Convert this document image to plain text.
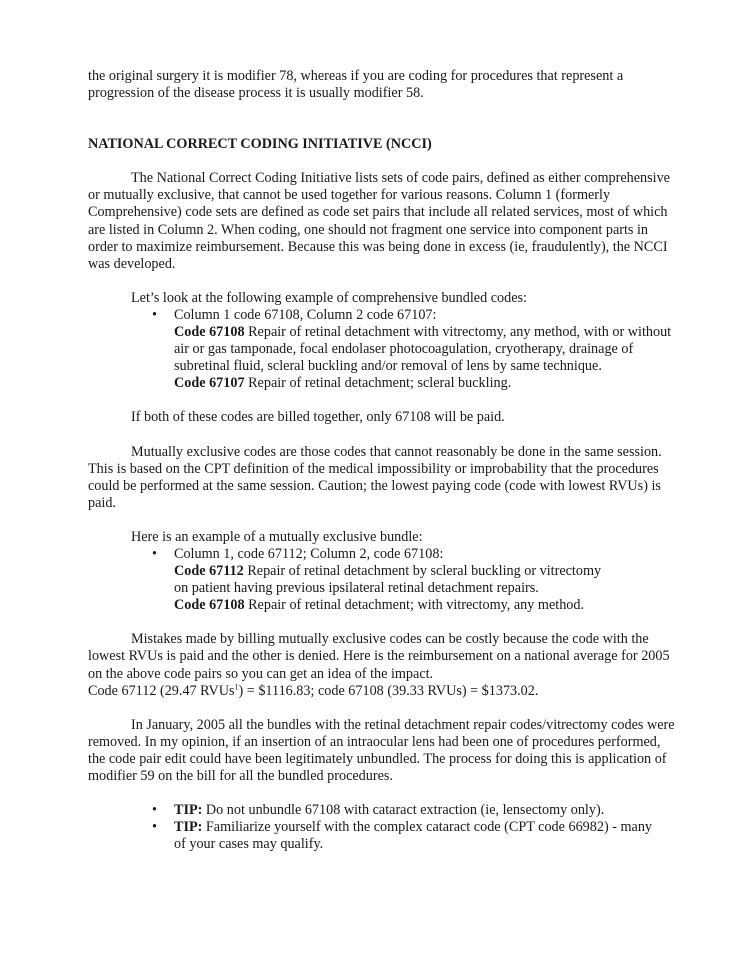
the original surgery it is modifier 78, whereas if you are coding for procedures that represent a

progression of the disease process it is usually modifier 58.

NATIONAL CORRECT CODING INITIATIVE (NCCI)

The National Correct Coding Initiative lists sets of code pairs, defined as either comprehensive or mutually exclusive, that cannot be used together for various reasons. Column 1 (formerly Comprehensive) code sets are defined as code set pairs that include all related services, most of which are listed in Column 2. When coding, one should not fragment one service into component parts in order to maximize reimbursement. Because this was being done in excess (ie, fraudulently), the NCCI was developed.

Let’s look at the following example of comprehensive bundled codes:

• Column 1 code 67108, Column 2 code 67107:
Code 67108 Repair of retinal detachment with vitrectomy, any method, with or without air or gas tamponade, focal endolaser photocoagulation, cryotherapy, drainage of subretinal fluid, scleral buckling and/or removal of lens by same technique.
Code 67107 Repair of retinal detachment; scleral buckling.

If both of these codes are billed together, only 67108 will be paid.

Mutually exclusive codes are those codes that cannot reasonably be done in the same session. This is based on the CPT definition of the medical impossibility or improbability that the procedures could be performed at the same session. Caution; the lowest paying code (code with lowest RVUs) is paid.

Here is an example of a mutually exclusive bundle:

• Column 1, code 67112; Column 2, code 67108:
Code 67112 Repair of retinal detachment by scleral buckling or vitrectomy on patient having previous ipsilateral retinal detachment repairs.
Code 67108 Repair of retinal detachment; with vitrectomy, any method.

Mistakes made by billing mutually exclusive codes can be costly because the code with the lowest RVUs is paid and the other is denied. Here is the reimbursement on a national average for 2005 on the above code pairs so you can get an idea of the impact.

Code 67112 (29.47 RVUs$^1$) = $1116.83; code 67108 (39.33 RVUs) = $1373.02.

In January, 2005 all the bundles with the retinal detachment repair codes/vitrectomy codes were removed. In my opinion, if an insertion of an intraocular lens had been one of procedures performed, the code pair edit could have been legitimately unbundled. The process for doing this is application of modifier 59 on the bill for all the bundled procedures.

• TIP: Do not unbundle 67108 with cataract extraction (ie, lensectomy only).
• TIP: Familiarize yourself with the complex cataract code (CPT code 66982) - many of your cases may qualify.
